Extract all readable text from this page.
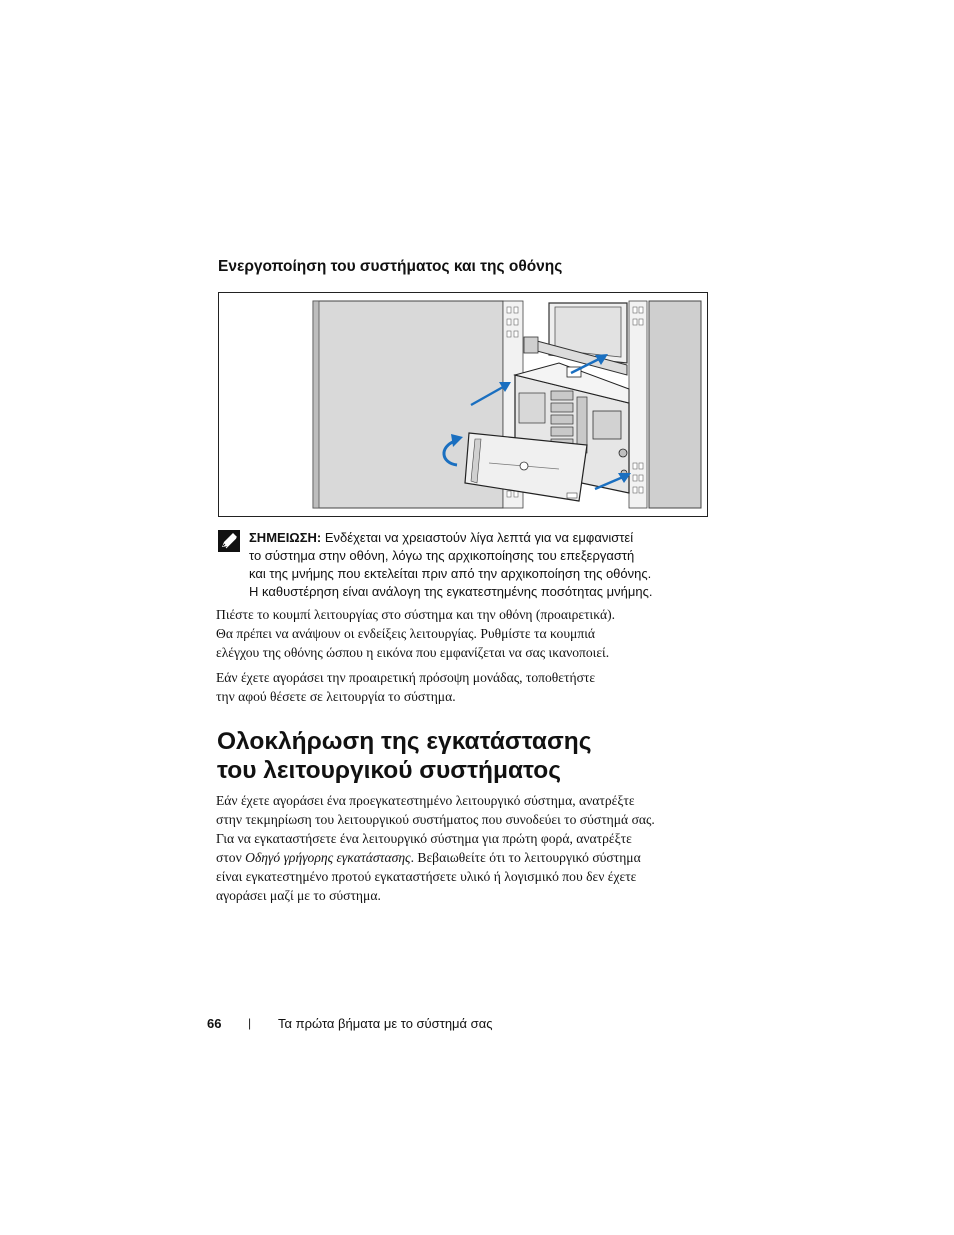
Ενεργοποίηση του συστήματος και της οθόνης
ΣΗΜΕΙΩΣΗ: Ενδέχεται να χρειαστούν λίγα λεπτά για να εμφανιστεί
το σύστημα στην οθόνη, λόγω της αρχικοποίησης του επεξεργαστή
και της μνήμης που εκτελείται πριν από την αρχικοποίηση της οθόνης.
Η καθυστέρηση είναι ανάλογη της εγκατεστημένης ποσότητας μνήμης.
Πιέστε το κουμπί λειτουργίας στο σύστημα και την οθόνη (προαιρετικά).
Θα πρέπει να ανάψουν οι ενδείξεις λειτουργίας. Ρυθμίστε τα κουμπιά
ελέγχου της οθόνης ώσπου η εικόνα που εμφανίζεται να σας ικανοποιεί.
Εάν έχετε αγοράσει την προαιρετική πρόσοψη μονάδας, τοποθετήστε
την αφού θέσετε σε λειτουργία το σύστημα.
Ολοκλήρωση της εγκατάστασης
του λειτουργικού συστήματος
Εάν έχετε αγοράσει ένα προεγκατεστημένο λειτουργικό σύστημα, ανατρέξτε
στην τεκμηρίωση του λειτουργικού συστήματος που συνοδεύει το σύστημά σας.
Για να εγκαταστήσετε ένα λειτουργικό σύστημα για πρώτη φορά, ανατρέξτε
στον Οδηγό γρήγορης εγκατάστασης. Βεβαιωθείτε ότι το λειτουργικό σύστημα
είναι εγκατεστημένο προτού εγκαταστήσετε υλικό ή λογισμικό που δεν έχετε
αγοράσει μαζί με το σύστημα.
66 | Τα πρώτα βήματα με το σύστημά σας
